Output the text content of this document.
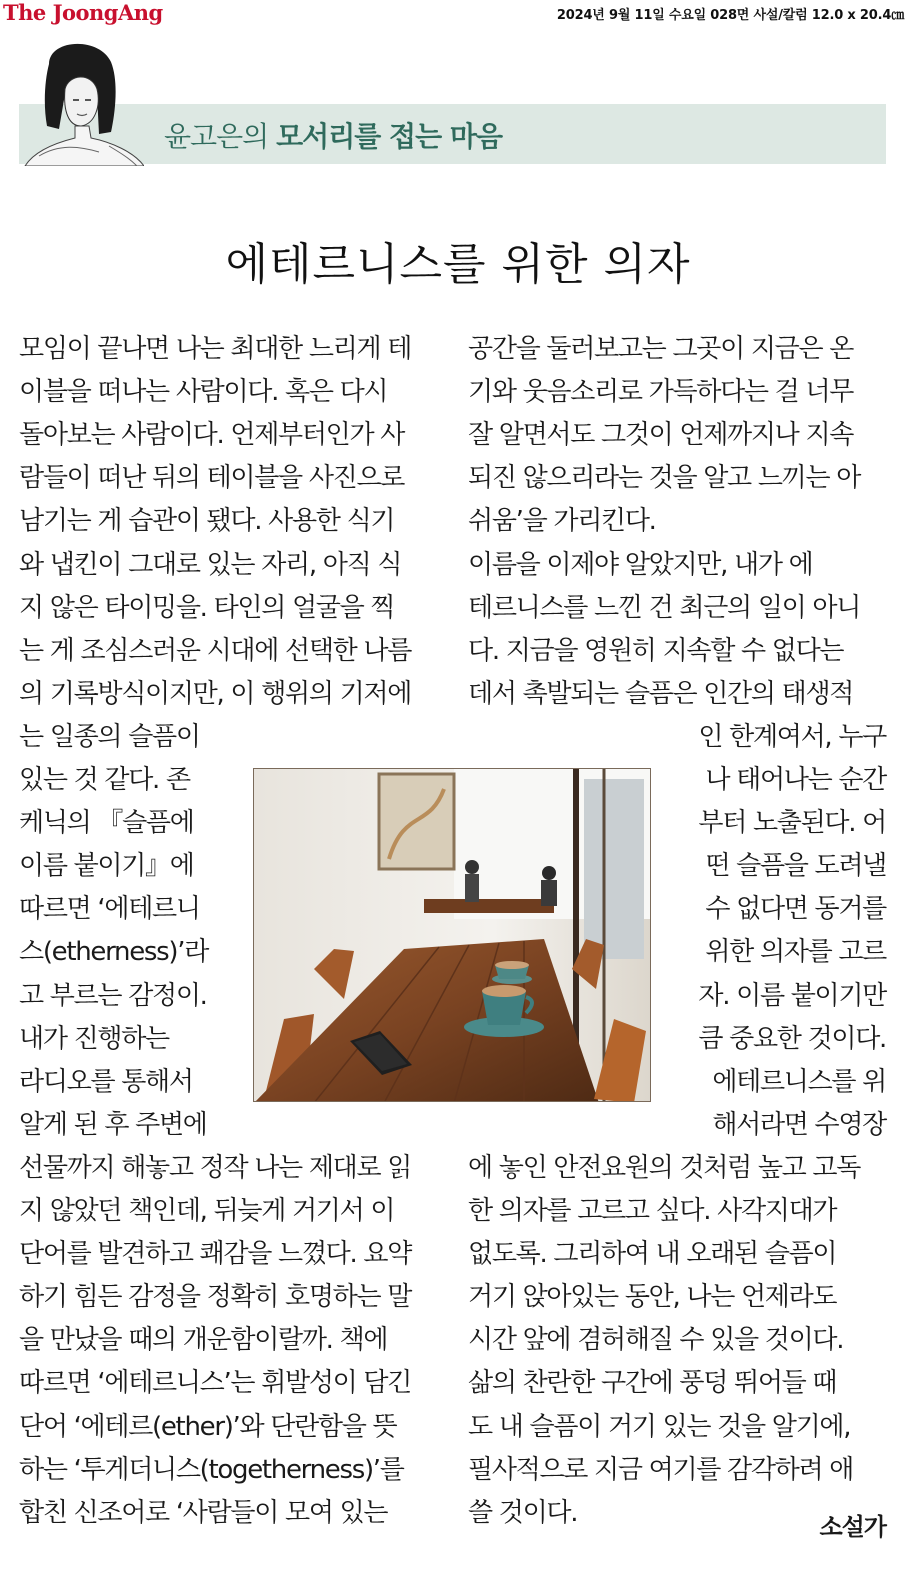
The JoongAng	2024년 9월 11일 수요일 028면 사설/칼럼 12.0 x 20.4㎝
윤고은의 모서리를 접는 마음
에테르니스를 위한 의자
모임이 끝나면 나는 최대한 느리게 테
이블을 떠나는 사람이다. 혹은 다시
돌아보는 사람이다. 언제부터인가 사
람들이 떠난 뒤의 테이블을 사진으로
남기는 게 습관이 됐다. 사용한 식기
와 냅킨이 그대로 있는 자리, 아직 식
지 않은 타이밍을. 타인의 얼굴을 찍
는 게 조심스러운 시대에 선택한 나름
의 기록방식이지만, 이 행위의 기저에
는 일종의 슬픔이
있는 것 같다. 존
케닉의 『슬픔에
이름 붙이기』에
따르면 ‘에테르니
스(etherness)’라
고 부르는 감정이.
내가 진행하는
라디오를 통해서
알게 된 후 주변에
선물까지 해놓고 정작 나는 제대로 읽
지 않았던 책인데, 뒤늦게 거기서 이
단어를 발견하고 쾌감을 느꼈다. 요약
하기 힘든 감정을 정확히 호명하는 말
을 만났을 때의 개운함이랄까. 책에
따르면 ‘에테르니스’는 휘발성이 담긴
단어 ‘에테르(ether)’와 단란함을 뜻
하는 ‘투게더니스(togetherness)’를
합친 신조어로 ‘사람들이 모여 있는
공간을 둘러보고는 그곳이 지금은 온
기와 웃음소리로 가득하다는 걸 너무
잘 알면서도 그것이 언제까지나 지속
되진 않으리라는 것을 알고 느끼는 아
쉬움’을 가리킨다.
이름을 이제야 알았지만, 내가 에
테르니스를 느낀 건 최근의 일이 아니
다. 지금을 영원히 지속할 수 없다는
데서 촉발되는 슬픔은 인간의 태생적
인 한계여서, 누구
나 태어나는 순간
부터 노출된다. 어
떤 슬픔을 도려낼
수 없다면 동거를
위한 의자를 고르
자. 이름 붙이기만
큼 중요한 것이다.
에테르니스를 위
해서라면 수영장
에 놓인 안전요원의 것처럼 높고 고독
한 의자를 고르고 싶다. 사각지대가
없도록. 그리하여 내 오래된 슬픔이
거기 앉아있는 동안, 나는 언제라도
시간 앞에 겸허해질 수 있을 것이다.
삶의 찬란한 구간에 풍덩 뛰어들 때
도 내 슬픔이 거기 있는 것을 알기에,
필사적으로 지금 여기를 감각하려 애
쓸 것이다.	소설가
